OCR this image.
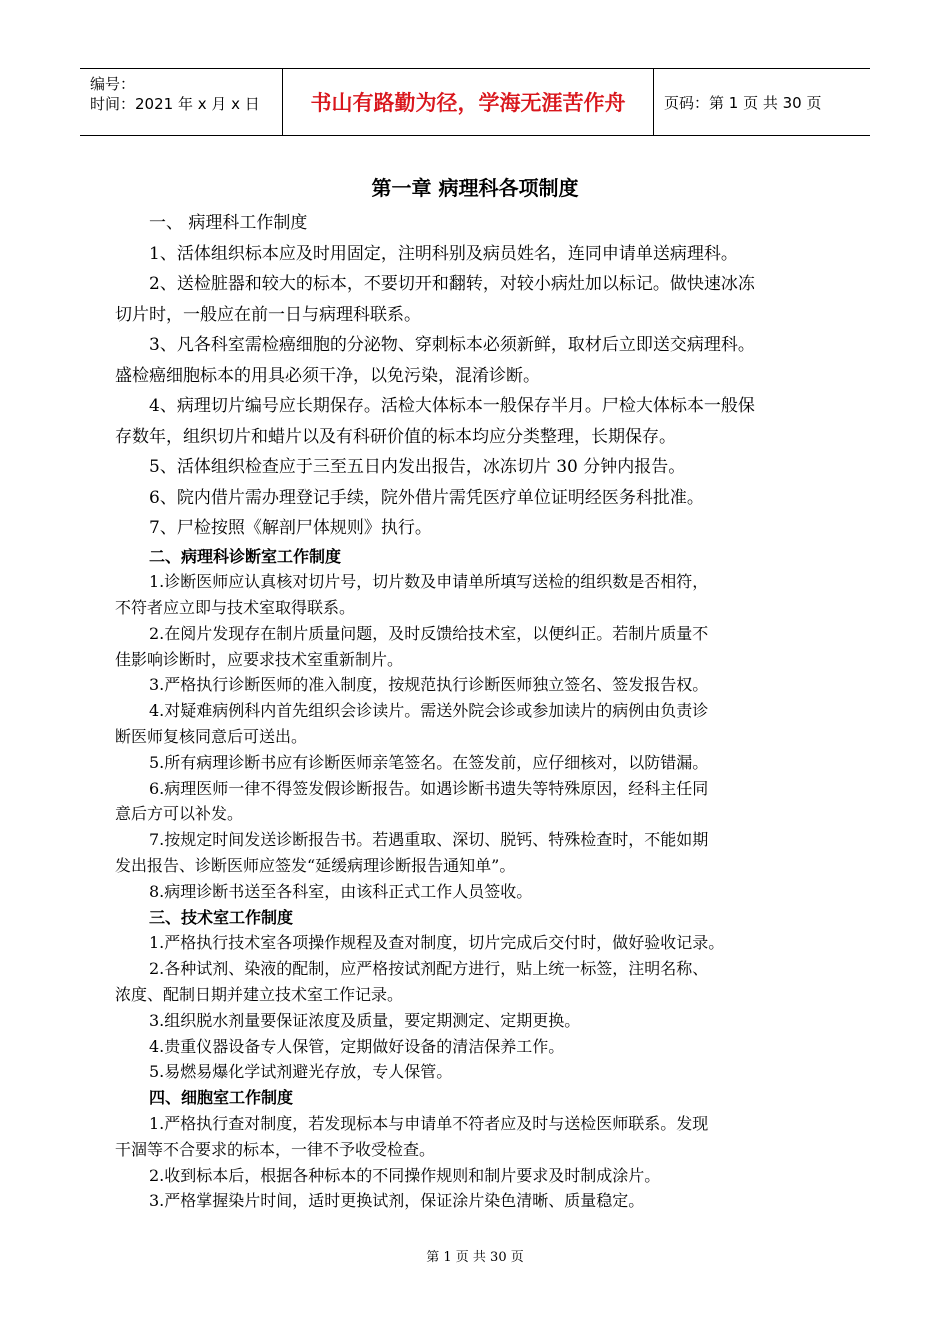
编号：
时间：2021 年 x 月 x 日	书山有路勤为径，学海无涯苦作舟	页码：第 1 页 共 30 页
第一章 病理科各项制度

一、 病理科工作制度

1、活体组织标本应及时用固定，注明科别及病员姓名，连同申请单送病理科。

2、送检脏器和较大的标本，不要切开和翻转，对较小病灶加以标记。做快速冰冻

切片时，一般应在前一日与病理科联系。

3、凡各科室需检癌细胞的分泌物、穿刺标本必须新鲜，取材后立即送交病理科。

盛检癌细胞标本的用具必须干净，以免污染，混淆诊断。

4、病理切片编号应长期保存。活检大体标本一般保存半月。尸检大体标本一般保

存数年，组织切片和蜡片以及有科研价值的标本均应分类整理，长期保存。

5、活体组织检查应于三至五日内发出报告，冰冻切片 30 分钟内报告。

6、院内借片需办理登记手续，院外借片需凭医疗单位证明经医务科批准。

7、尸检按照《解剖尸体规则》执行。

二、病理科诊断室工作制度

1.诊断医师应认真核对切片号，切片数及申请单所填写送检的组织数是否相符，

不符者应立即与技术室取得联系。

2.在阅片发现存在制片质量问题，及时反馈给技术室，以便纠正。若制片质量不

佳影响诊断时，应要求技术室重新制片。

3.严格执行诊断医师的准入制度，按规范执行诊断医师独立签名、签发报告权。

4.对疑难病例科内首先组织会诊读片。需送外院会诊或参加读片的病例由负责诊

断医师复核同意后可送出。

5.所有病理诊断书应有诊断医师亲笔签名。在签发前，应仔细核对，以防错漏。

6.病理医师一律不得签发假诊断报告。如遇诊断书遗失等特殊原因，经科主任同

意后方可以补发。

7.按规定时间发送诊断报告书。若遇重取、深切、脱钙、特殊检查时，不能如期

发出报告、诊断医师应签发“延缓病理诊断报告通知单”。

8.病理诊断书送至各科室，由该科正式工作人员签收。

三、技术室工作制度

1.严格执行技术室各项操作规程及查对制度，切片完成后交付时，做好验收记录。

2.各种试剂、染液的配制，应严格按试剂配方进行，贴上统一标签，注明名称、

浓度、配制日期并建立技术室工作记录。

3.组织脱水剂量要保证浓度及质量，要定期测定、定期更换。

4.贵重仪器设备专人保管，定期做好设备的清洁保养工作。

5.易燃易爆化学试剂避光存放，专人保管。

四、细胞室工作制度

1.严格执行查对制度，若发现标本与申请单不符者应及时与送检医师联系。发现

干涸等不合要求的标本，一律不予收受检查。

2.收到标本后，根据各种标本的不同操作规则和制片要求及时制成涂片。

3.严格掌握染片时间，适时更换试剂，保证涂片染色清晰、质量稳定。

第 1 页 共 30 页
